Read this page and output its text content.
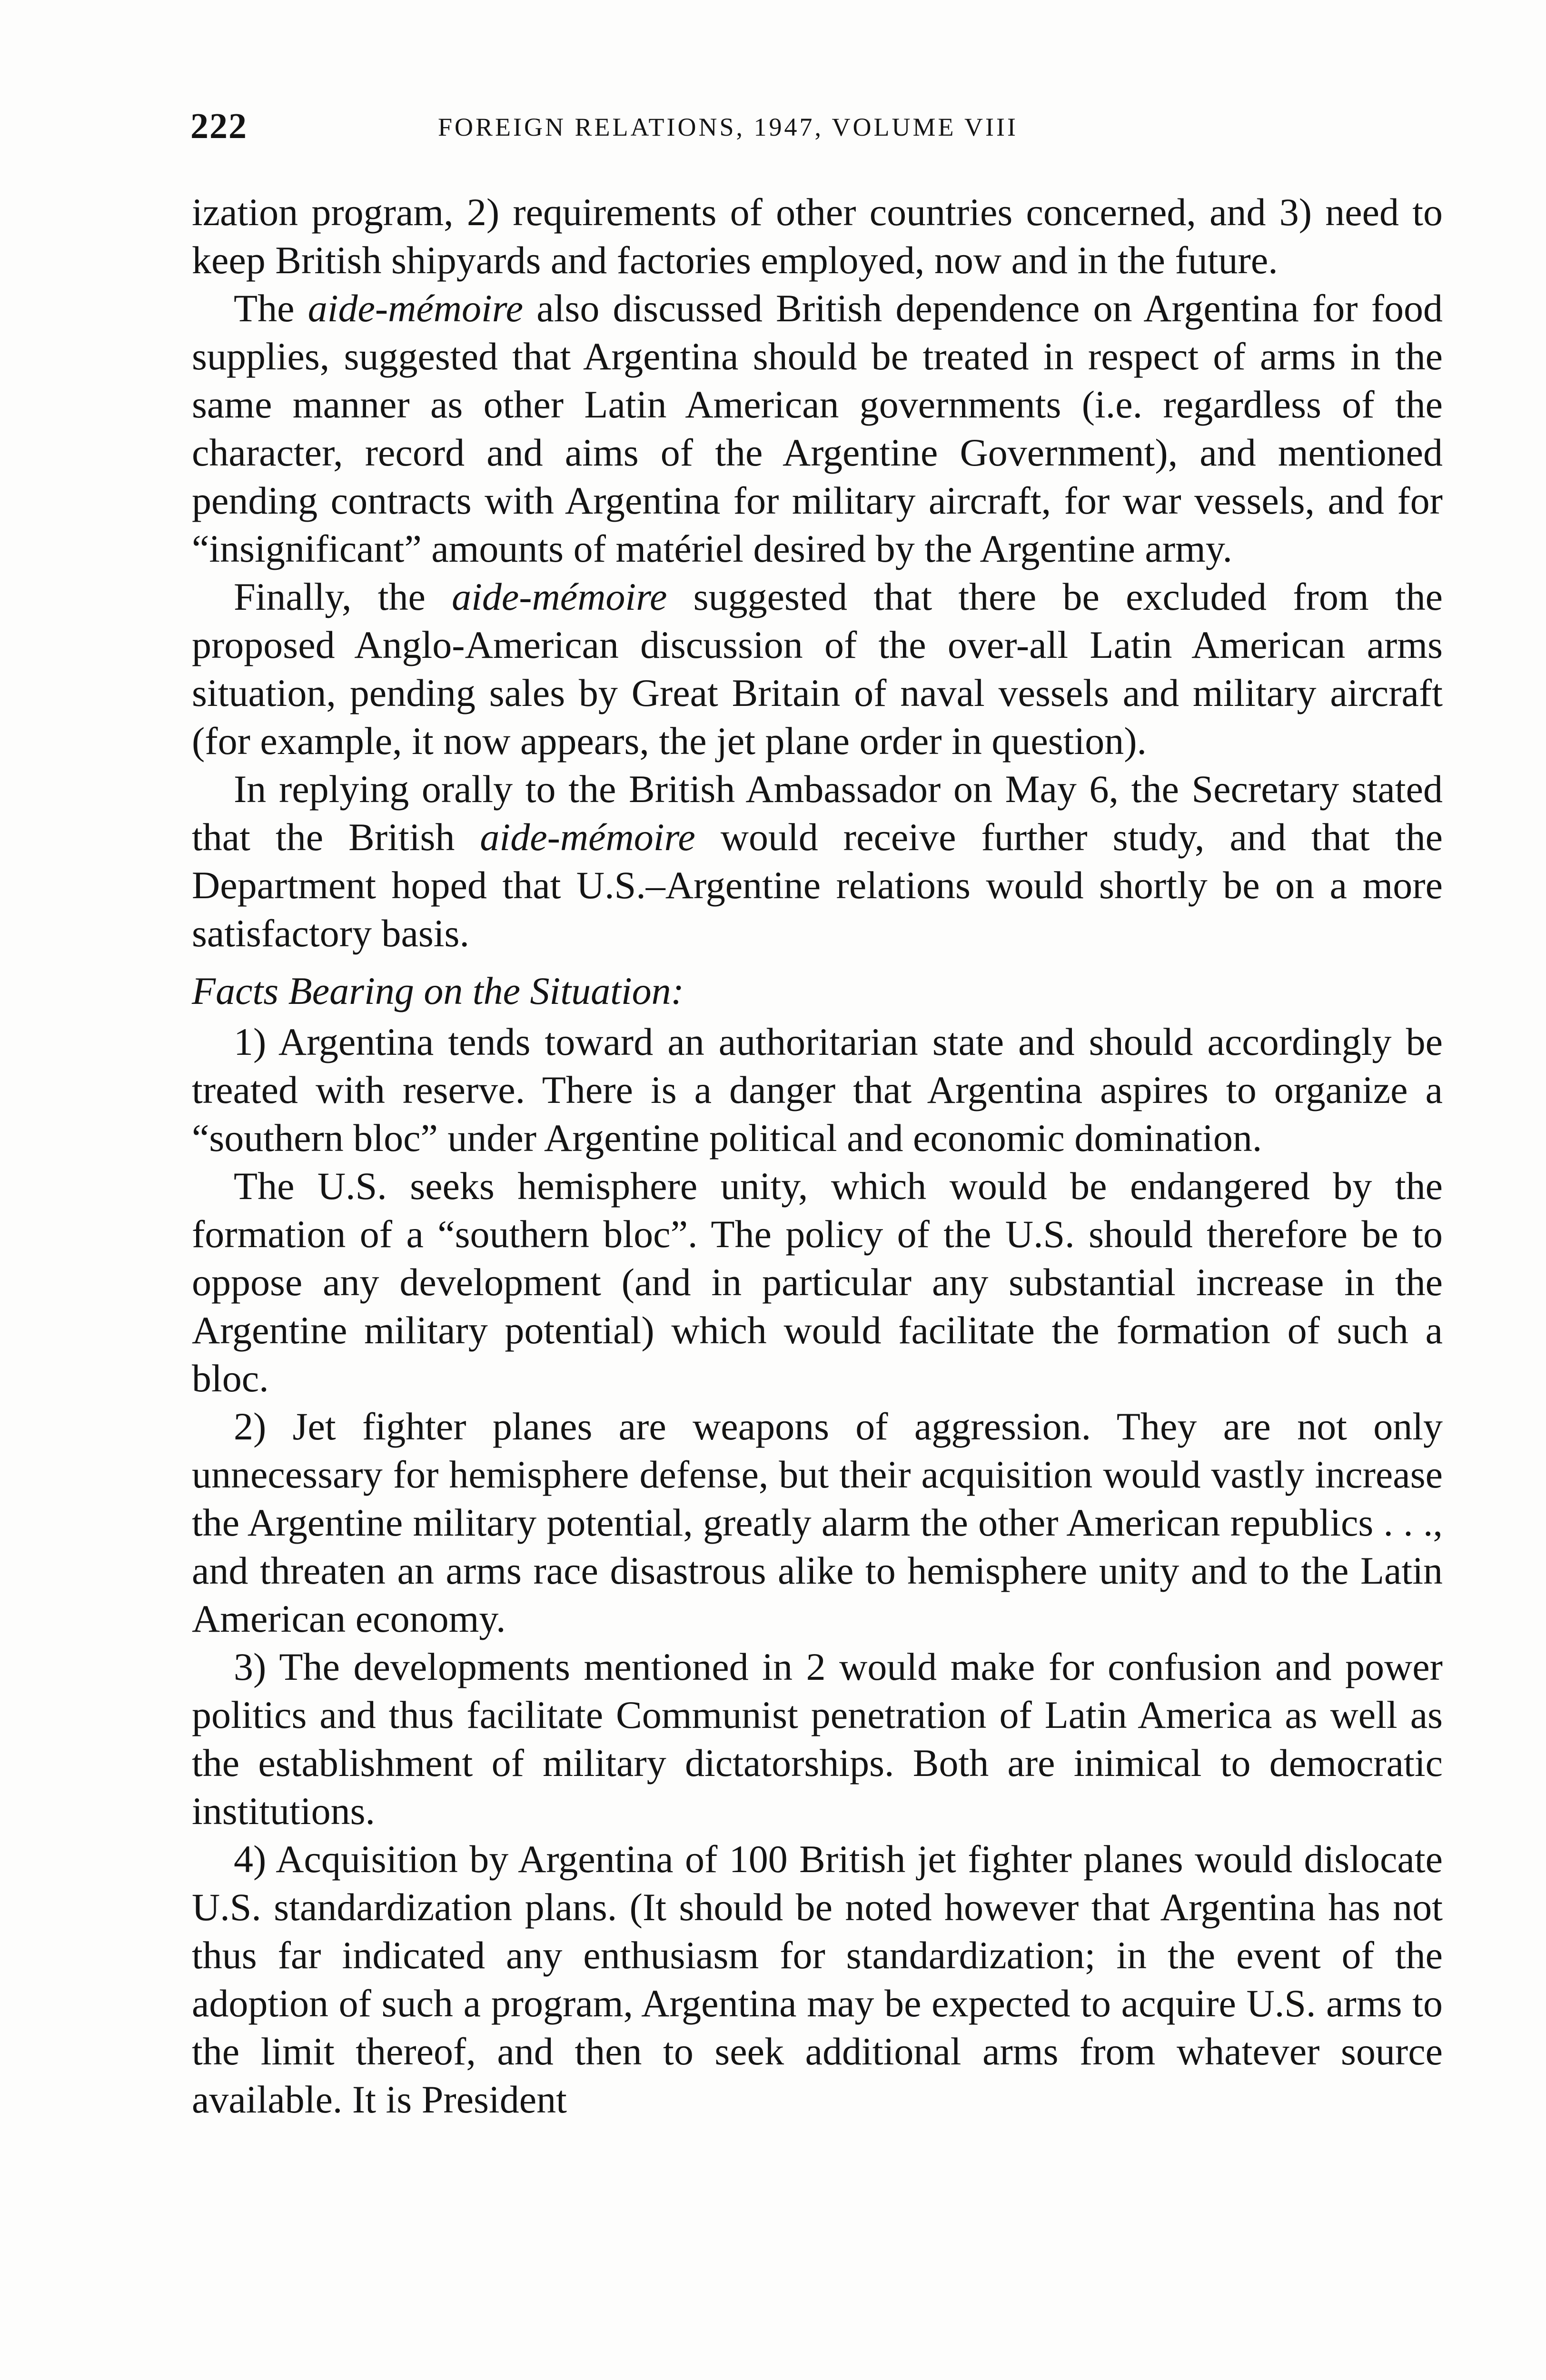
222	FOREIGN RELATIONS, 1947, VOLUME VIII

ization program, 2) requirements of other countries concerned, and 3) need to keep British shipyards and factories employed, now and in the future.

The aide-mémoire also discussed British dependence on Argentina for food supplies, suggested that Argentina should be treated in respect of arms in the same manner as other Latin American governments (i.e. regardless of the character, record and aims of the Argentine Government), and mentioned pending contracts with Argentina for military aircraft, for war vessels, and for “insignificant” amounts of matériel desired by the Argentine army.

Finally, the aide-mémoire suggested that there be excluded from the proposed Anglo-American discussion of the over-all Latin American arms situation, pending sales by Great Britain of naval vessels and military aircraft (for example, it now appears, the jet plane order in question).

In replying orally to the British Ambassador on May 6, the Secretary stated that the British aide-mémoire would receive further study, and that the Department hoped that U.S.–Argentine relations would shortly be on a more satisfactory basis.

Facts Bearing on the Situation:

1) Argentina tends toward an authoritarian state and should accordingly be treated with reserve. There is a danger that Argentina aspires to organize a “southern bloc” under Argentine political and economic domination.

The U.S. seeks hemisphere unity, which would be endangered by the formation of a “southern bloc”. The policy of the U.S. should therefore be to oppose any development (and in particular any substantial increase in the Argentine military potential) which would facilitate the formation of such a bloc.

2) Jet fighter planes are weapons of aggression. They are not only unnecessary for hemisphere defense, but their acquisition would vastly increase the Argentine military potential, greatly alarm the other American republics . . ., and threaten an arms race disastrous alike to hemisphere unity and to the Latin American economy.

3) The developments mentioned in 2 would make for confusion and power politics and thus facilitate Communist penetration of Latin America as well as the establishment of military dictatorships. Both are inimical to democratic institutions.

4) Acquisition by Argentina of 100 British jet fighter planes would dislocate U.S. standardization plans. (It should be noted however that Argentina has not thus far indicated any enthusiasm for standardization; in the event of the adoption of such a program, Argentina may be expected to acquire U.S. arms to the limit thereof, and then to seek additional arms from whatever source available. It is President
